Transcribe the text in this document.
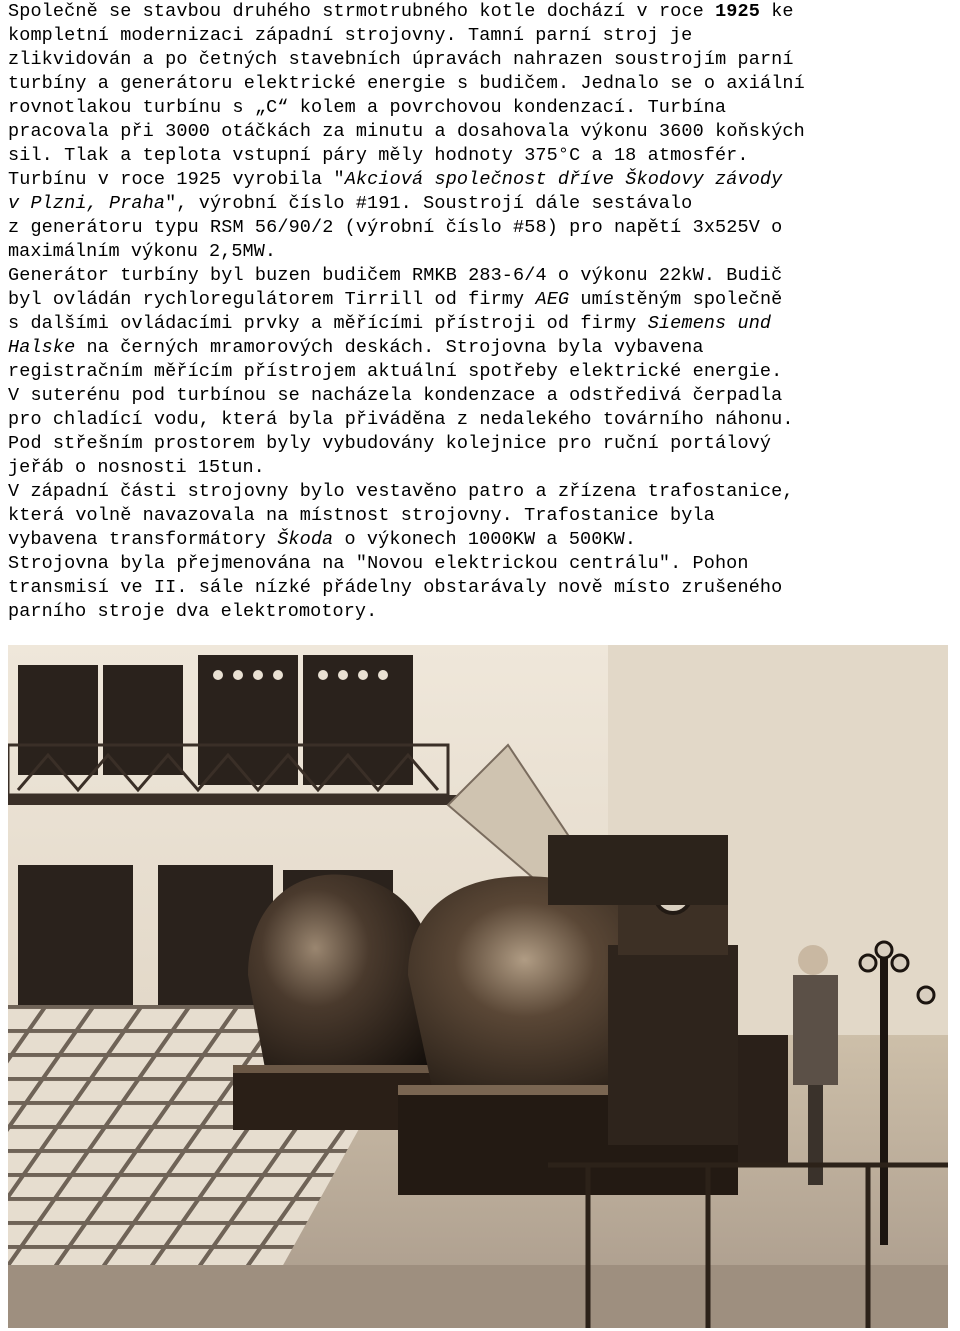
Společně se stavbou druhého strmotrubného kotle dochází v roce 1925 ke
kompletní modernizaci západní strojovny. Tamní parní stroj je
zlikvidován a po četných stavebních úpravách nahrazen soustrojím parní
turbíny a generátoru elektrické energie s budičem. Jednalo se o axiální
rovnotlakou turbínu s „C“ kolem a povrchovou kondenzací. Turbína
pracovala při 3000 otáčkách za minutu a dosahovala výkonu 3600 koňských
sil. Tlak a teplota vstupní páry měly hodnoty 375°C a 18 atmosfér.
Turbínu v roce 1925 vyrobila "Akciová společnost dříve Škodovy závody
v Plzni, Praha", výrobní číslo #191. Soustrojí dále sestávalo
z generátoru typu RSM 56/90/2 (výrobní číslo #58) pro napětí 3x525V o
maximálním výkonu 2,5MW.
Generátor turbíny byl buzen budičem RMKB 283-6/4 o výkonu 22kW. Budič
byl ovládán rychloregulátorem Tirrill od firmy AEG umístěným společně
s dalšími ovládacími prvky a měřícími přístroji od firmy Siemens und
Halske na černých mramorových deskách. Strojovna byla vybavena
registračním měřícím přístrojem aktuální spotřeby elektrické energie.
V suterénu pod turbínou se nacházela kondenzace a odstředivá čerpadla
pro chladící vodu, která byla přiváděna z nedalekého továrního náhonu.
Pod střešním prostorem byly vybudovány kolejnice pro ruční portálový
jeřáb o nosnosti 15tun.
V západní části strojovny bylo vestavěno patro a zřízena trafostanice,
která volně navazovala na místnost strojovny. Trafostanice byla
vybavena transformátory Škoda o výkonech 1000KW a 500KW.
Strojovna byla přejmenována na "Novou elektrickou centrálu". Pohon
transmisí ve II. sále nízké přádelny obstarávaly nově místo zrušeného
parního stroje dva elektromotory.
